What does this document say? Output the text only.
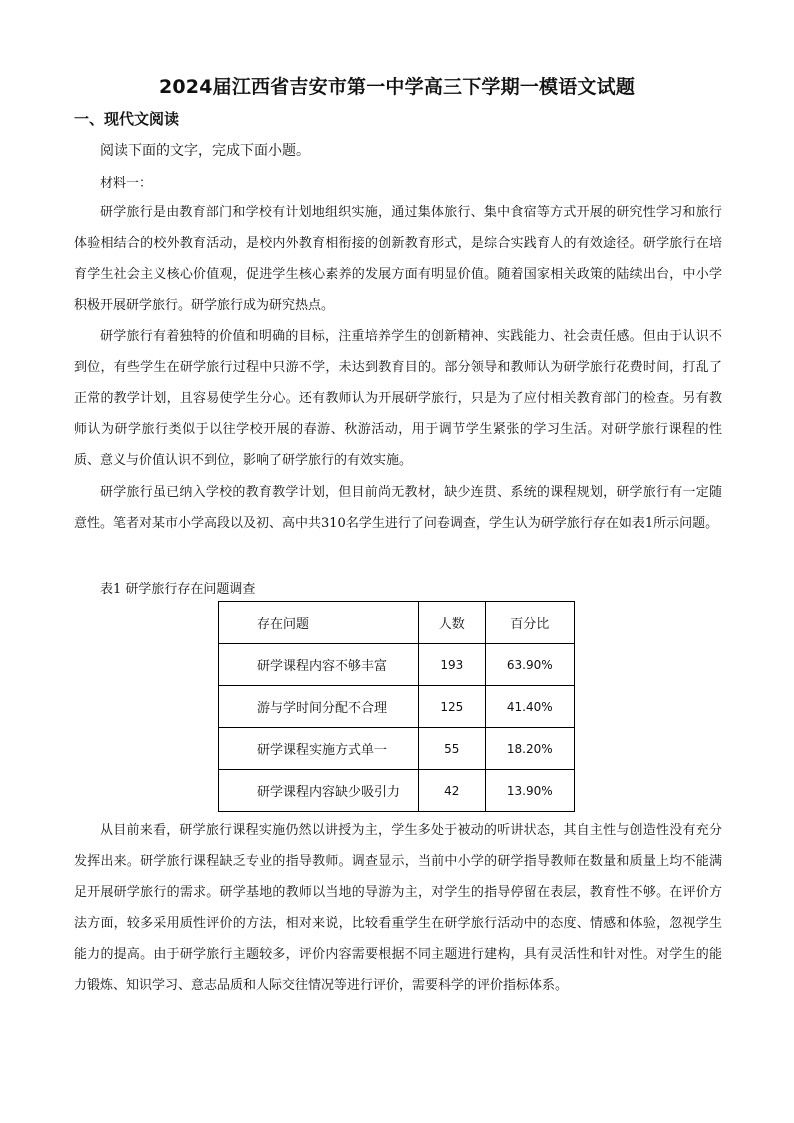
2024届江西省吉安市第一中学高三下学期一模语文试题
一、现代文阅读
阅读下面的文字，完成下面小题。
材料一：

研学旅行是由教育部门和学校有计划地组织实施，通过集体旅行、集中食宿等方式开展的研究性学习和旅行体验相结合的校外教育活动，是校内外教育相衔接的创新教育形式，是综合实践育人的有效途径。研学旅行在培育学生社会主义核心价值观，促进学生核心素养的发展方面有明显价值。随着国家相关政策的陆续出台，中小学积极开展研学旅行。研学旅行成为研究热点。

研学旅行有着独特的价值和明确的目标，注重培养学生的创新精神、实践能力、社会责任感。但由于认识不到位，有些学生在研学旅行过程中只游不学，未达到教育目的。部分领导和教师认为研学旅行花费时间，打乱了正常的教学计划，且容易使学生分心。还有教师认为开展研学旅行，只是为了应付相关教育部门的检查。另有教师认为研学旅行类似于以往学校开展的春游、秋游活动，用于调节学生紧张的学习生活。对研学旅行课程的性质、意义与价值认识不到位，影响了研学旅行的有效实施。

研学旅行虽已纳入学校的教育教学计划，但目前尚无教材，缺少连贯、系统的课程规划，研学旅行有一定随意性。笔者对某市小学高段以及初、高中共310名学生进行了问卷调查，学生认为研学旅行存在如表1所示问题。

表1 研学旅行存在问题调查
存在问题	人数	百分比
研学课程内容不够丰富	193	63.90%
游与学时间分配不合理	125	41.40%
研学课程实施方式单一	55	18.20%
研学课程内容缺少吸引力	42	13.90%

从目前来看，研学旅行课程实施仍然以讲授为主，学生多处于被动的听讲状态，其自主性与创造性没有充分发挥出来。研学旅行课程缺乏专业的指导教师。调查显示，当前中小学的研学指导教师在数量和质量上均不能满足开展研学旅行的需求。研学基地的教师以当地的导游为主，对学生的指导停留在表层，教育性不够。在评价方法方面，较多采用质性评价的方法，相对来说，比较看重学生在研学旅行活动中的态度、情感和体验，忽视学生能力的提高。由于研学旅行主题较多，评价内容需要根据不同主题进行建构，具有灵活性和针对性。对学生的能力锻炼、知识学习、意志品质和人际交往情况等进行评价，需要科学的评价指标体系。
